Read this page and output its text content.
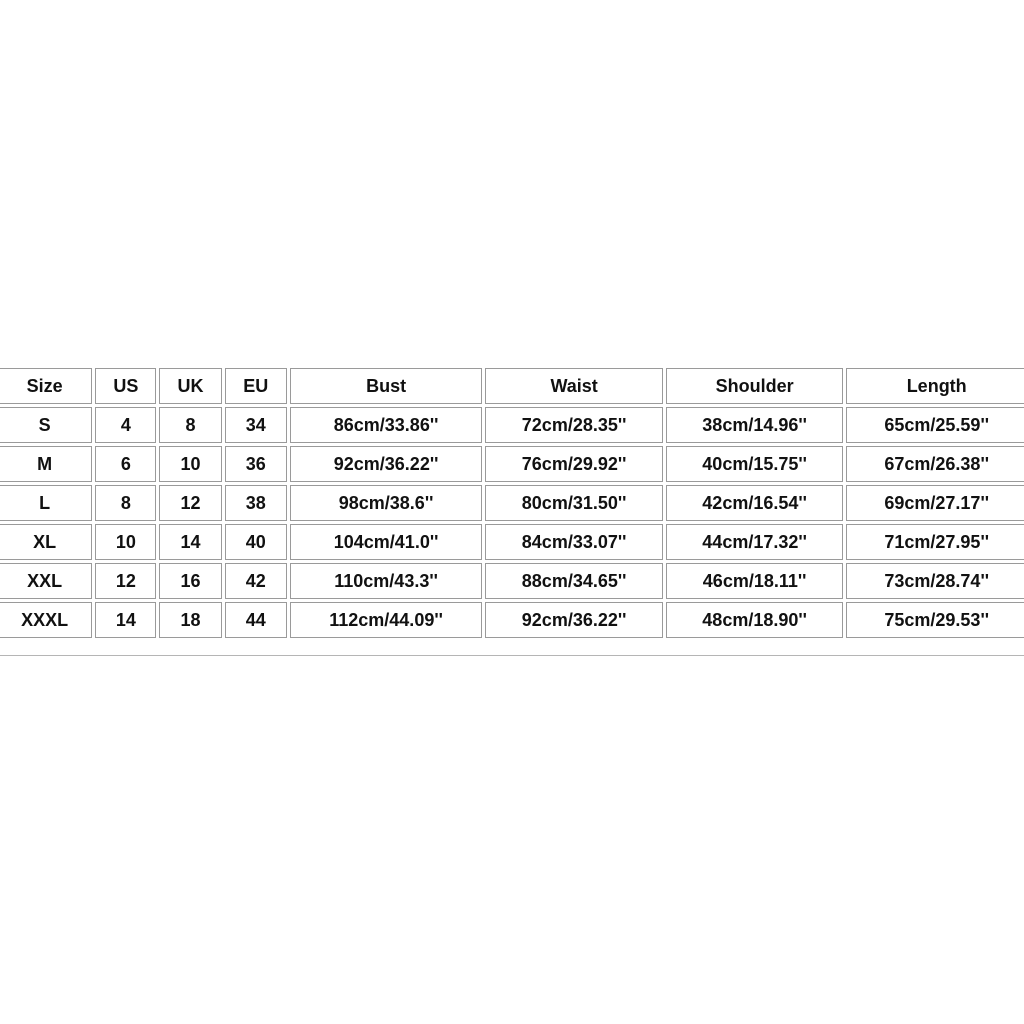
Size	US	UK	EU	Bust	Waist	Shoulder	Length
S	4	8	34	86cm/33.86''	72cm/28.35''	38cm/14.96''	65cm/25.59''
M	6	10	36	92cm/36.22''	76cm/29.92''	40cm/15.75''	67cm/26.38''
L	8	12	38	98cm/38.6''	80cm/31.50''	42cm/16.54''	69cm/27.17''
XL	10	14	40	104cm/41.0''	84cm/33.07''	44cm/17.32''	71cm/27.95''
XXL	12	16	42	110cm/43.3''	88cm/34.65''	46cm/18.11''	73cm/28.74''
XXXL	14	18	44	112cm/44.09''	92cm/36.22''	48cm/18.90''	75cm/29.53''
